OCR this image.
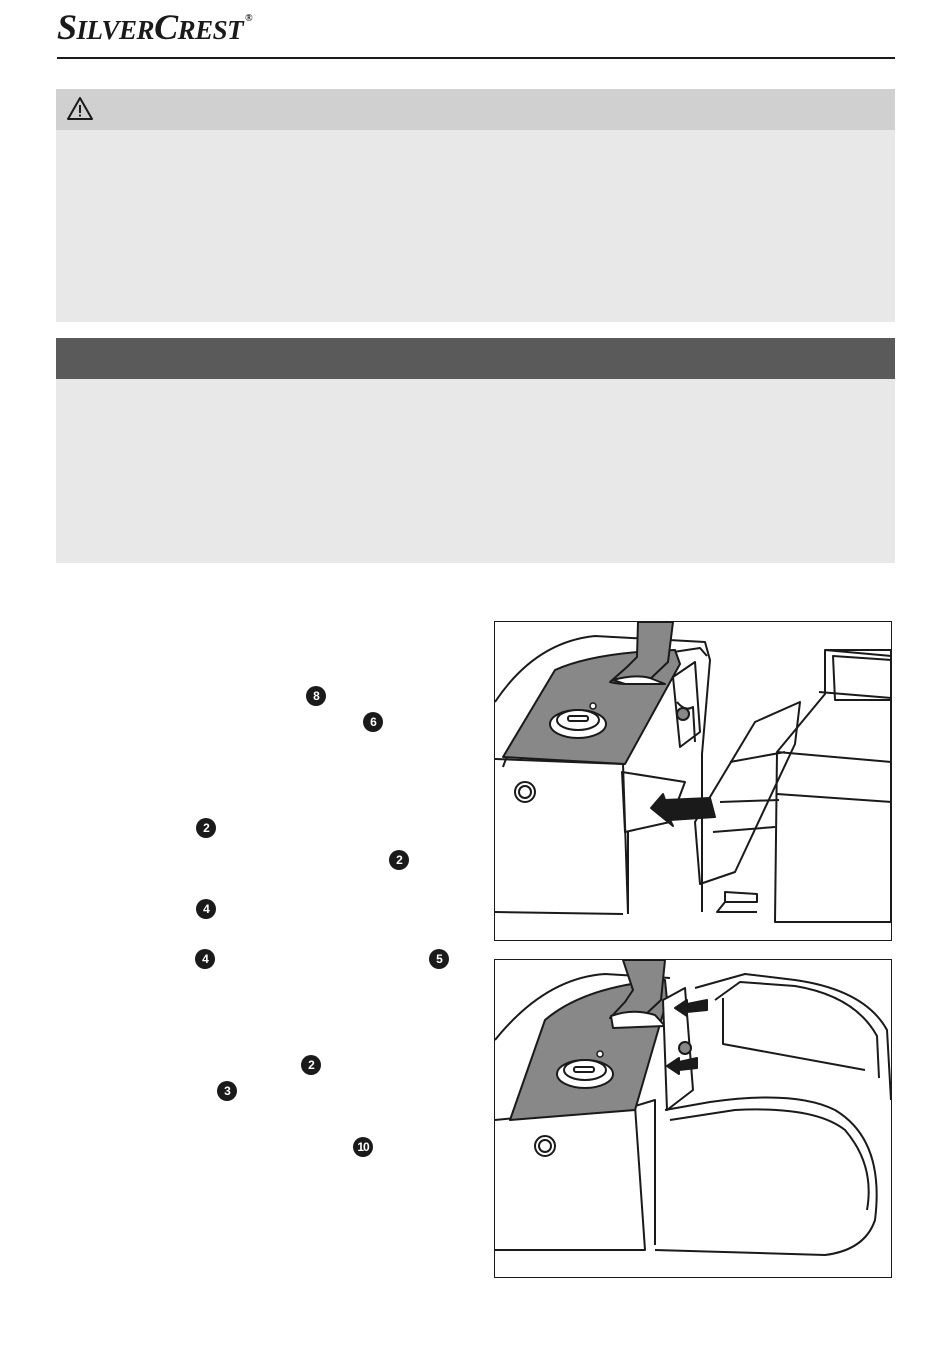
SILVERCREST ®
8
6
2
2
4
4	5
2
3
10
